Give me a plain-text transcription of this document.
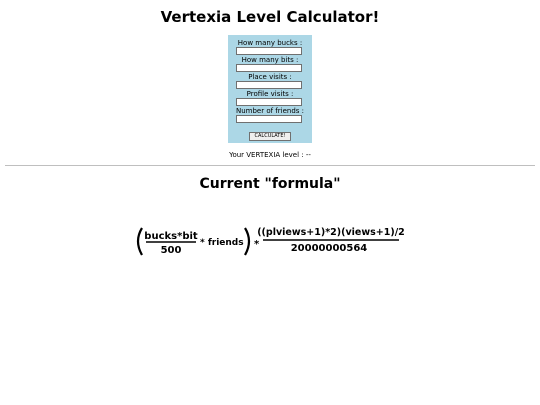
Vertexia Level Calculator!
How many bucks :
How many bits :
Place visits :
Profile visits :
Number of friends :
CALCULATE!
Your VERTEXIA level : --
Current "formula"
bucks*bit
500
* friends *
((plviews+1)*2)(views+1)/2
20000000564
